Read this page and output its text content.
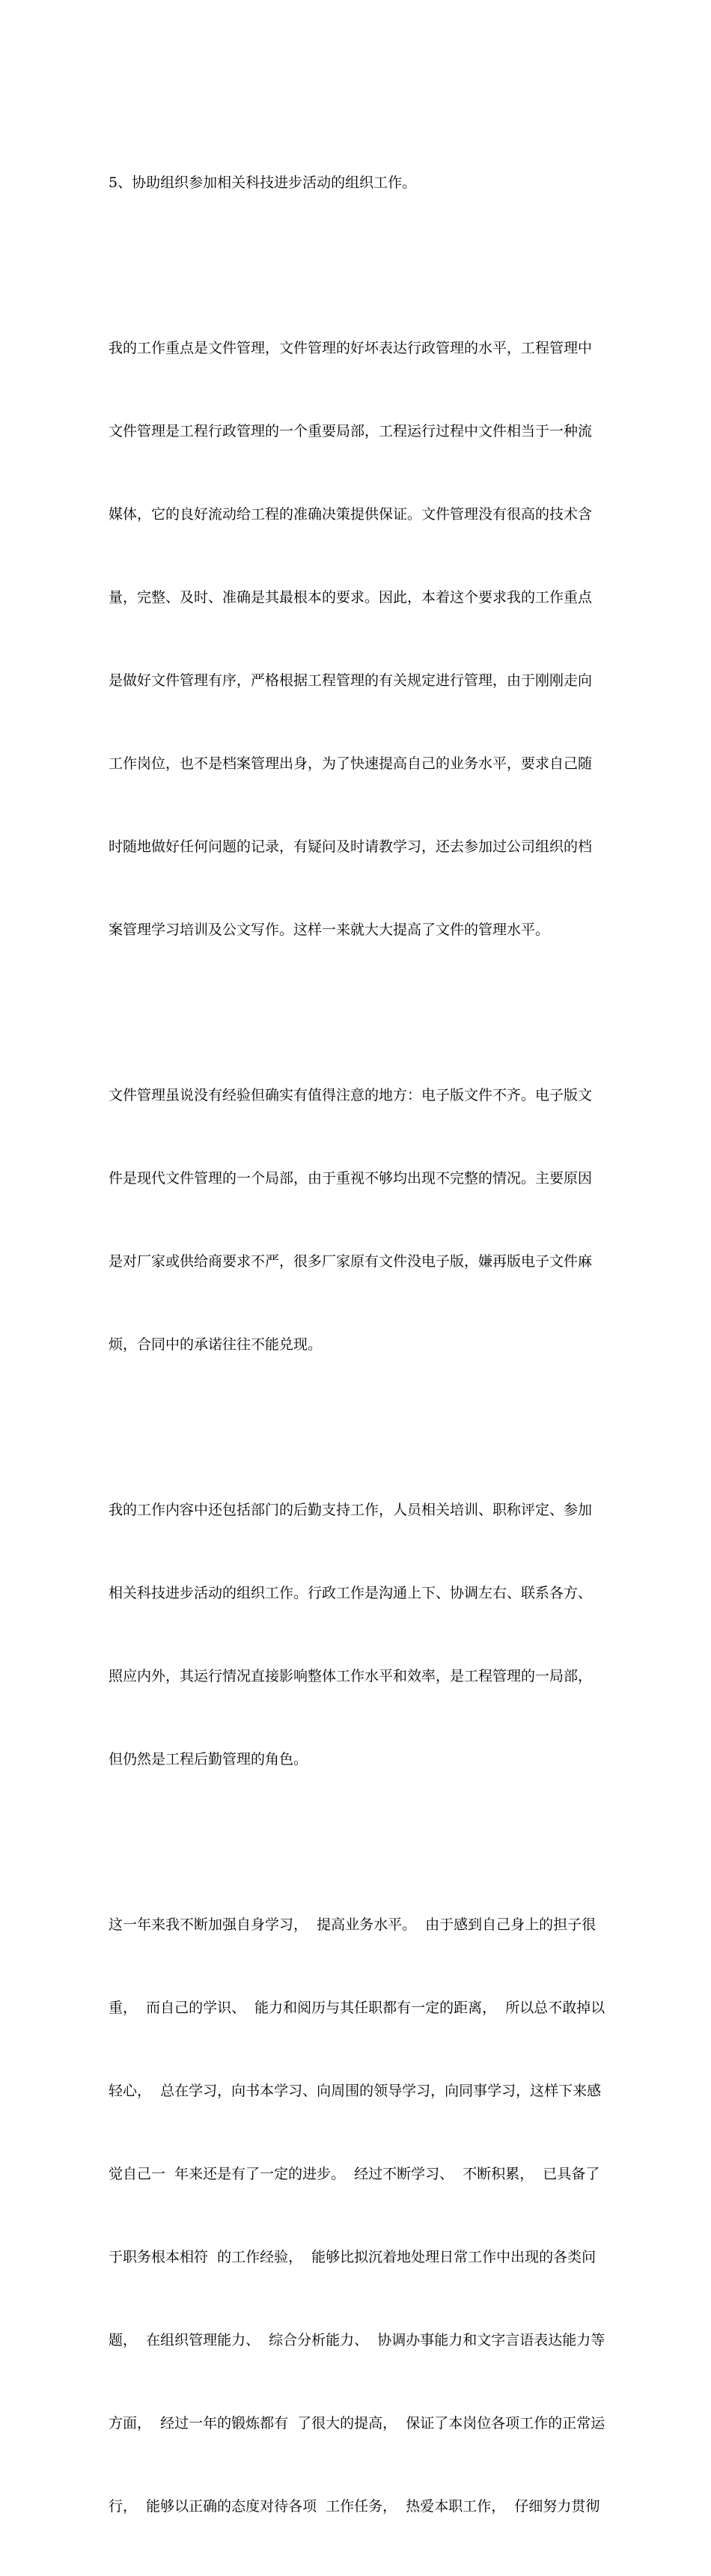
5、协助组织参加相关科技进步活动的组织工作。

我的工作重点是文件管理，文件管理的好坏表达行政管理的水平，工程管理中

文件管理是工程行政管理的一个重要局部，工程运行过程中文件相当于一种流

媒体，它的良好流动给工程的准确决策提供保证。文件管理没有很高的技术含

量，完整、及时、准确是其最根本的要求。因此，本着这个要求我的工作重点

是做好文件管理有序，严格根据工程管理的有关规定进行管理，由于刚刚走向

工作岗位，也不是档案管理出身，为了快速提高自己的业务水平，要求自己随

时随地做好任何问题的记录，有疑问及时请教学习，还去参加过公司组织的档

案管理学习培训及公文写作。这样一来就大大提高了文件的管理水平。

文件管理虽说没有经验但确实有值得注意的地方：电子版文件不齐。电子版文

件是现代文件管理的一个局部，由于重视不够均出现不完整的情况。主要原因

是对厂家或供给商要求不严，很多厂家原有文件没电子版，嫌再版电子文件麻

烦，合同中的承诺往往不能兑现。

我的工作内容中还包括部门的后勤支持工作，人员相关培训、职称评定、参加

相关科技进步活动的组织工作。行政工作是沟通上下、协调左右、联系各方、

照应内外，其运行情况直接影响整体工作水平和效率，是工程管理的一局部，

但仍然是工程后勤管理的角色。

这一年来我不断加强自身学习，  提高业务水平。  由于感到自己身上的担子很

重，  而自己的学识、  能力和阅历与其任职都有一定的距离，  所以总不敢掉以

轻心，  总在学习，向书本学习、向周围的领导学习，向同事学习，这样下来感

觉自己一  年来还是有了一定的进步。  经过不断学习、  不断积累，  已具备了

于职务根本相符  的工作经验，  能够比拟沉着地处理日常工作中出现的各类问

题，  在组织管理能力、  综合分析能力、  协调办事能力和文字言语表达能力等

方面，  经过一年的锻炼都有  了很大的提高，  保证了本岗位各项工作的正常运

行，  能够以正确的态度对待各项  工作任务，  热爱本职工作，  仔细努力贯彻
